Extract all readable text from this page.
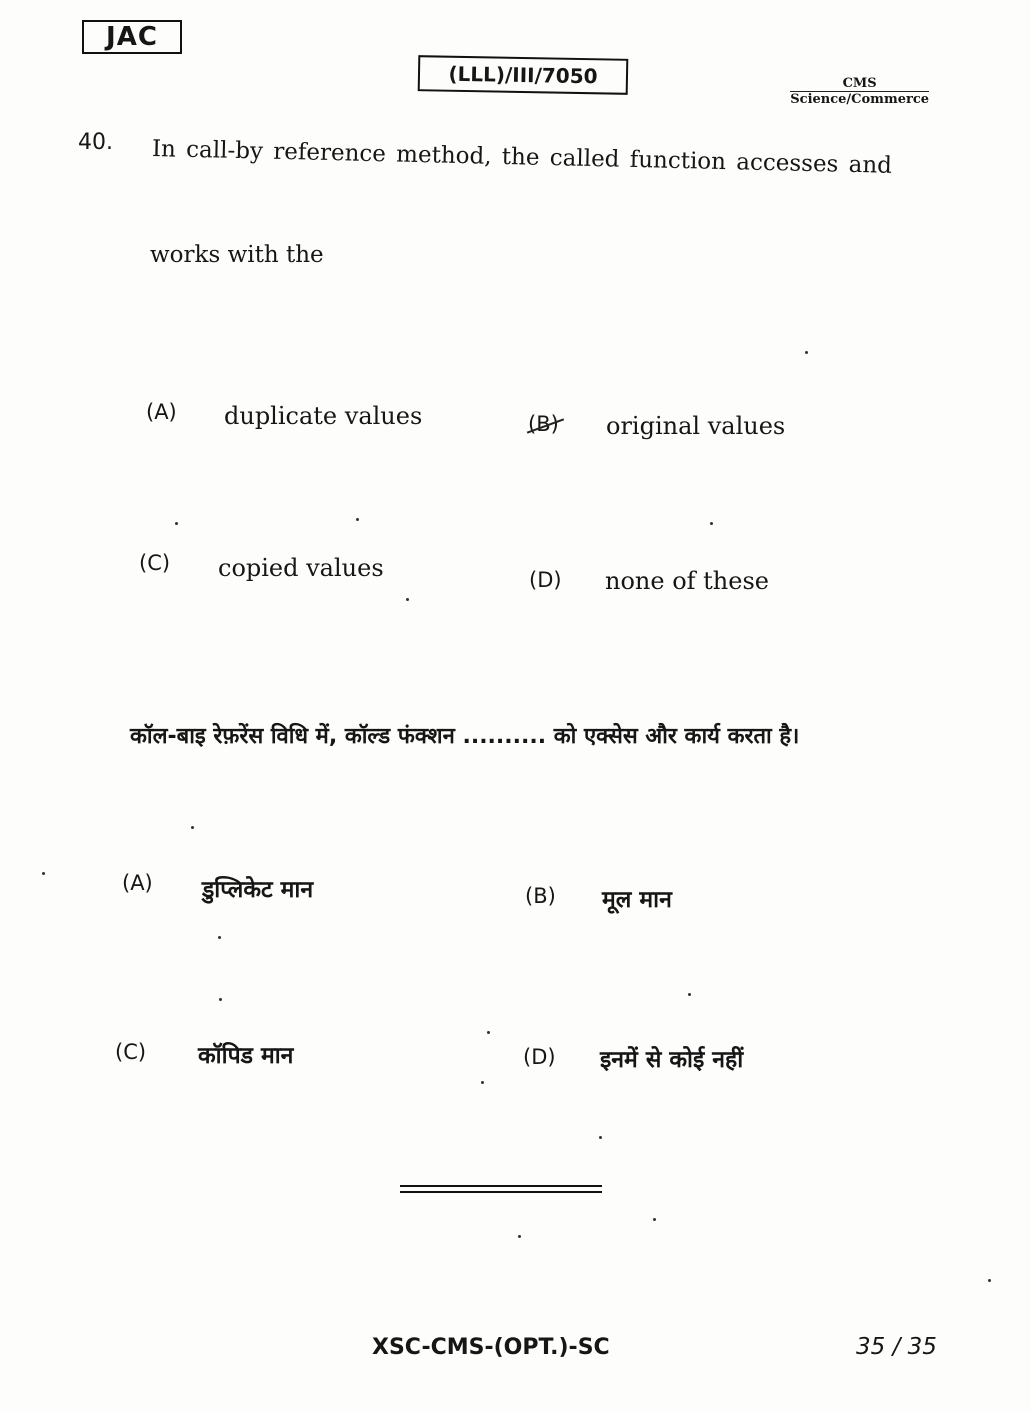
JAC
(LLL)/III/7050	CMS
Science/Commerce
40. In call-by reference method, the called function accesses and
works with the
(A) duplicate values	(B) original values
(C) copied values	(D) none of these
कॉल-बाइ रेफ़रेंस विधि में, कॉल्ड फंक्शन .......... को एक्सेस और कार्य करता है।
(A) डुप्लिकेट मान	(B) मूल मान
(C) कॉपिड मान	(D) इनमें से कोई नहीं
XSC-CMS-(OPT.)-SC	35 / 35
